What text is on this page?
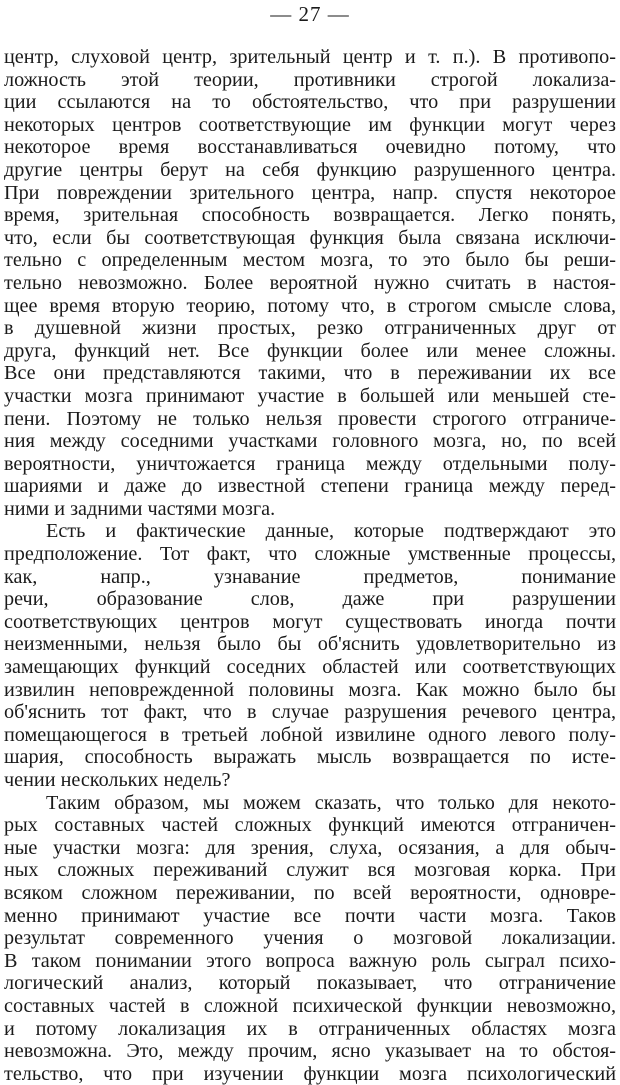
— 27 —
центр, слуховой центр, зрительный центр и т. п.). В противопо-
ложность этой теории, противники строгой локализа-
ции ссылаются на то обстоятельство, что при разрушении
некоторых центров соответствующие им функции могут через
некоторое время восстанавливаться очевидно потому, что
другие центры берут на себя функцию разрушенного центра.
При повреждении зрительного центра, напр. спустя некоторое
время, зрительная способность возвращается. Легко понять,
что, если бы соответствующая функция была связана исключи-
тельно с определенным местом мозга, то это было бы реши-
тельно невозможно. Более вероятной нужно считать в настоя-
щее время вторую теорию, потому что, в строгом смысле слова,
в душевной жизни простых, резко отграниченных друг от
друга, функций нет. Все функции более или менее сложны.
Все они представляются такими, что в переживании их все
участки мозга принимают участие в большей или меньшей сте-
пени. Поэтому не только нельзя провести строгого отграниче-
ния между соседними участками головного мозга, но, по всей
вероятности, уничтожается граница между отдельными полу-
шариями и даже до известной степени граница между перед-
ними и задними частями мозга.
Есть и фактические данные, которые подтверждают это
предположение. Тот факт, что сложные умственные процессы,
как, напр., узнавание предметов, понимание
речи, образование слов, даже при разрушении
соответствующих центров могут существовать иногда почти
неизменными, нельзя было бы об'яснить удовлетворительно из
замещающих функций соседних областей или соответствующих
извилин неповрежденной половины мозга. Как можно было бы
об'яснить тот факт, что в случае разрушения речевого центра,
помещающегося в третьей лобной извилине одного левого полу-
шария, способность выражать мысль возвращается по исте-
чении нескольких недель?
Таким образом, мы можем сказать, что только для некото-
рых составных частей сложных функций имеются отграничен-
ные участки мозга: для зрения, слуха, осязания, а для обыч-
ных сложных переживаний служит вся мозговая корка. При
всяком сложном переживании, по всей вероятности, одновре-
менно принимают участие все почти части мозга. Таков
результат современного учения о мозговой локализации.
В таком понимании этого вопроса важную роль сыграл психо-
логический анализ, который показывает, что отграничение
составных частей в сложной психической функции невозможно,
и потому локализация их в отграниченных областях мозга
невозможна. Это, между прочим, ясно указывает на то обстоя-
тельство, что при изучении функции мозга психологический
